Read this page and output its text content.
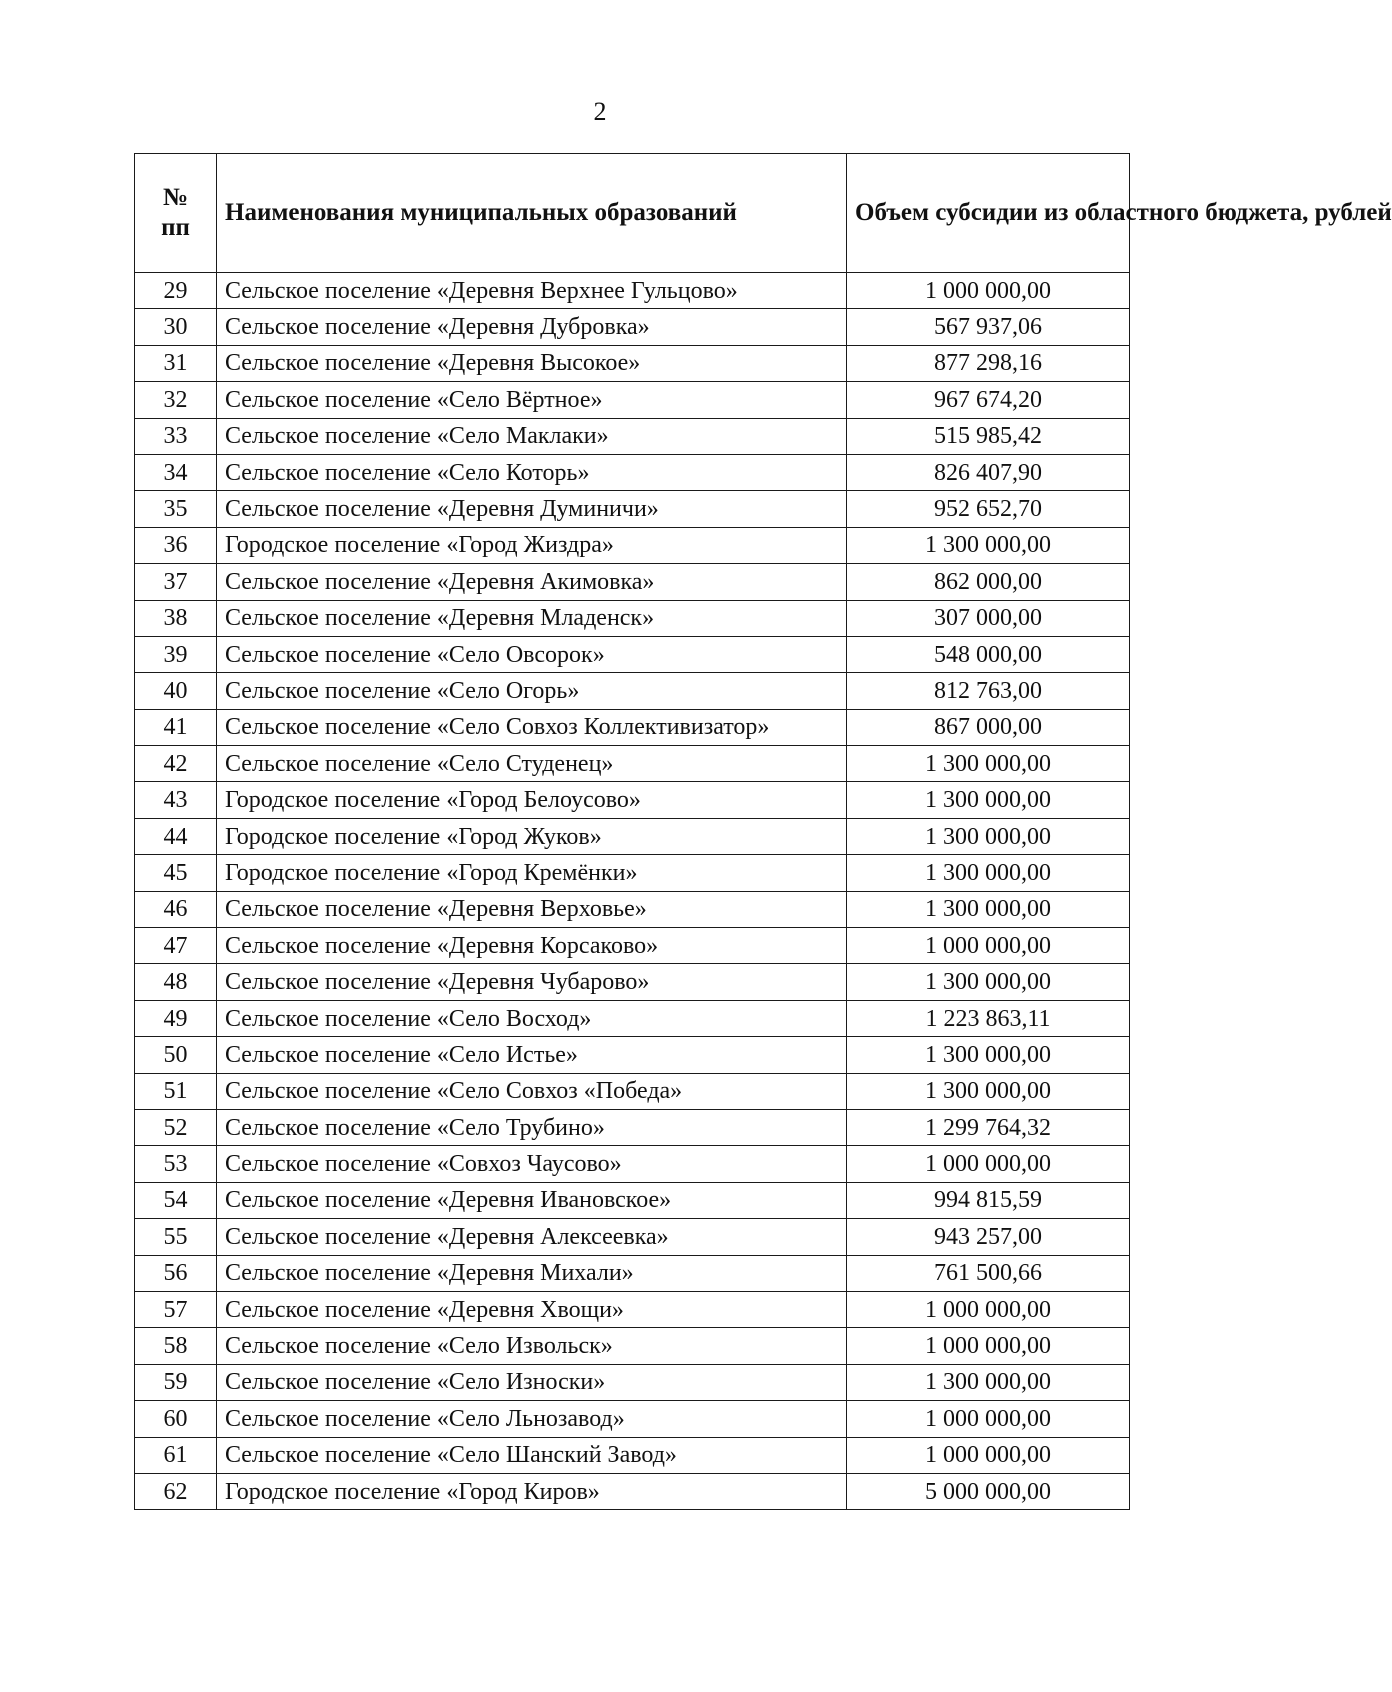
2
№
пп	Наименования муниципальных образований	Объем субсидии из областного бюджета, рублей
29	Сельское поселение «Деревня Верхнее Гульцово»	1 000 000,00
30	Сельское поселение «Деревня Дубровка»	567 937,06
31	Сельское поселение «Деревня Высокое»	877 298,16
32	Сельское поселение «Село Вёртное»	967 674,20
33	Сельское поселение «Село Маклаки»	515 985,42
34	Сельское поселение «Село Которь»	826 407,90
35	Сельское поселение «Деревня Думиничи»	952 652,70
36	Городское поселение «Город Жиздра»	1 300 000,00
37	Сельское поселение «Деревня Акимовка»	862 000,00
38	Сельское поселение «Деревня Младенск»	307 000,00
39	Сельское поселение «Село Овсорок»	548 000,00
40	Сельское поселение «Село Огорь»	812 763,00
41	Сельское поселение «Село Совхоз Коллективизатор»	867 000,00
42	Сельское поселение «Село Студенец»	1 300 000,00
43	Городское поселение «Город Белоусово»	1 300 000,00
44	Городское поселение «Город Жуков»	1 300 000,00
45	Городское поселение «Город Кремёнки»	1 300 000,00
46	Сельское поселение «Деревня Верховье»	1 300 000,00
47	Сельское поселение «Деревня Корсаково»	1 000 000,00
48	Сельское поселение «Деревня Чубарово»	1 300 000,00
49	Сельское поселение «Село Восход»	1 223 863,11
50	Сельское поселение «Село Истье»	1 300 000,00
51	Сельское поселение «Село Совхоз «Победа»	1 300 000,00
52	Сельское поселение «Село Трубино»	1 299 764,32
53	Сельское поселение «Совхоз Чаусово»	1 000 000,00
54	Сельское поселение «Деревня Ивановское»	994 815,59
55	Сельское поселение «Деревня Алексеевка»	943 257,00
56	Сельское поселение «Деревня Михали»	761 500,66
57	Сельское поселение «Деревня Хвощи»	1 000 000,00
58	Сельское поселение «Село Извольск»	1 000 000,00
59	Сельское поселение «Село Износки»	1 300 000,00
60	Сельское поселение «Село Льнозавод»	1 000 000,00
61	Сельское поселение «Село Шанский Завод»	1 000 000,00
62	Городское поселение «Город Киров»	5 000 000,00
